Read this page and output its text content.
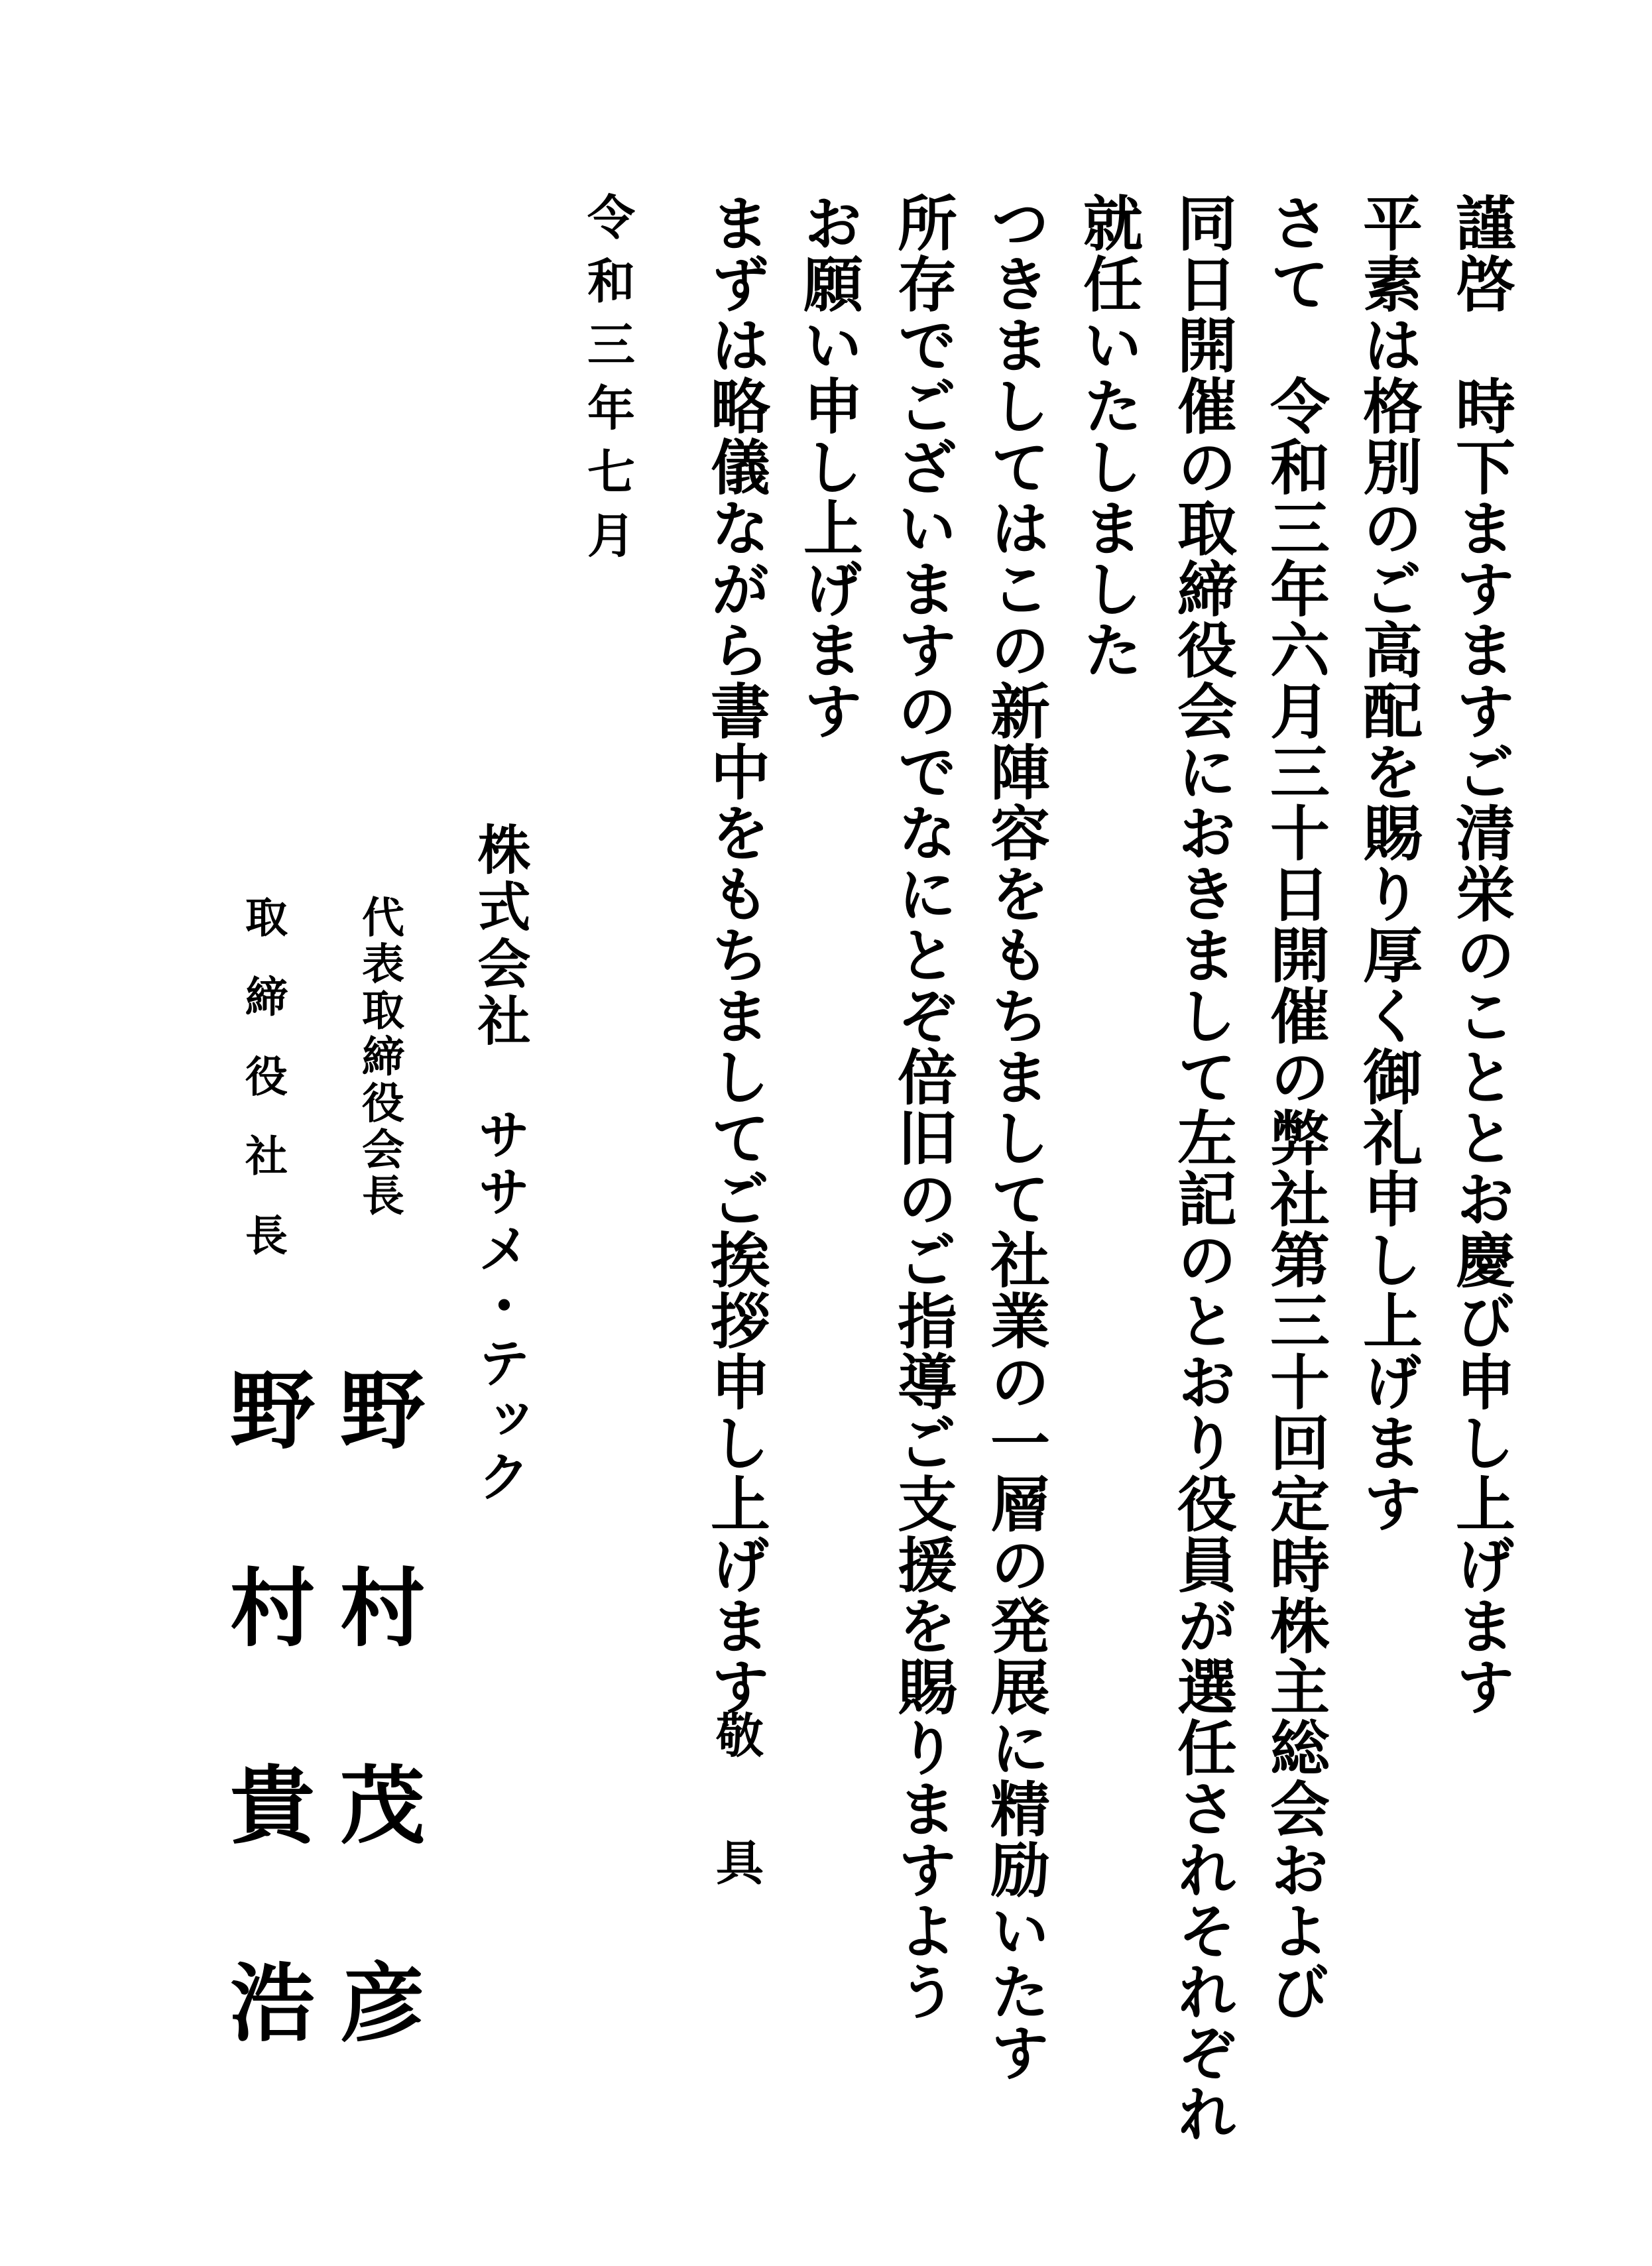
謹啓　時下ますますご清栄のこととお慶び申し上げます
平素は格別のご高配を賜り厚く御礼申し上げます
さて　令和三年六月三十日開催の弊社第三十回定時株主総会および
同日開催の取締役会におきまして左記のとおり役員が選任されそれぞれ
就任いたしました
つきましてはこの新陣容をもちまして社業の一層の発展に精励いたす
所存でございますのでなにとぞ倍旧のご指導ご支援を賜りますよう
お願い申し上げます
まずは略儀ながら書中をもちましてご挨拶申し上げます
敬具
令和三年七月
株式会社　ササメ・テック
代表取締役会長
野村茂彦
取締役社長
野村貴浩
